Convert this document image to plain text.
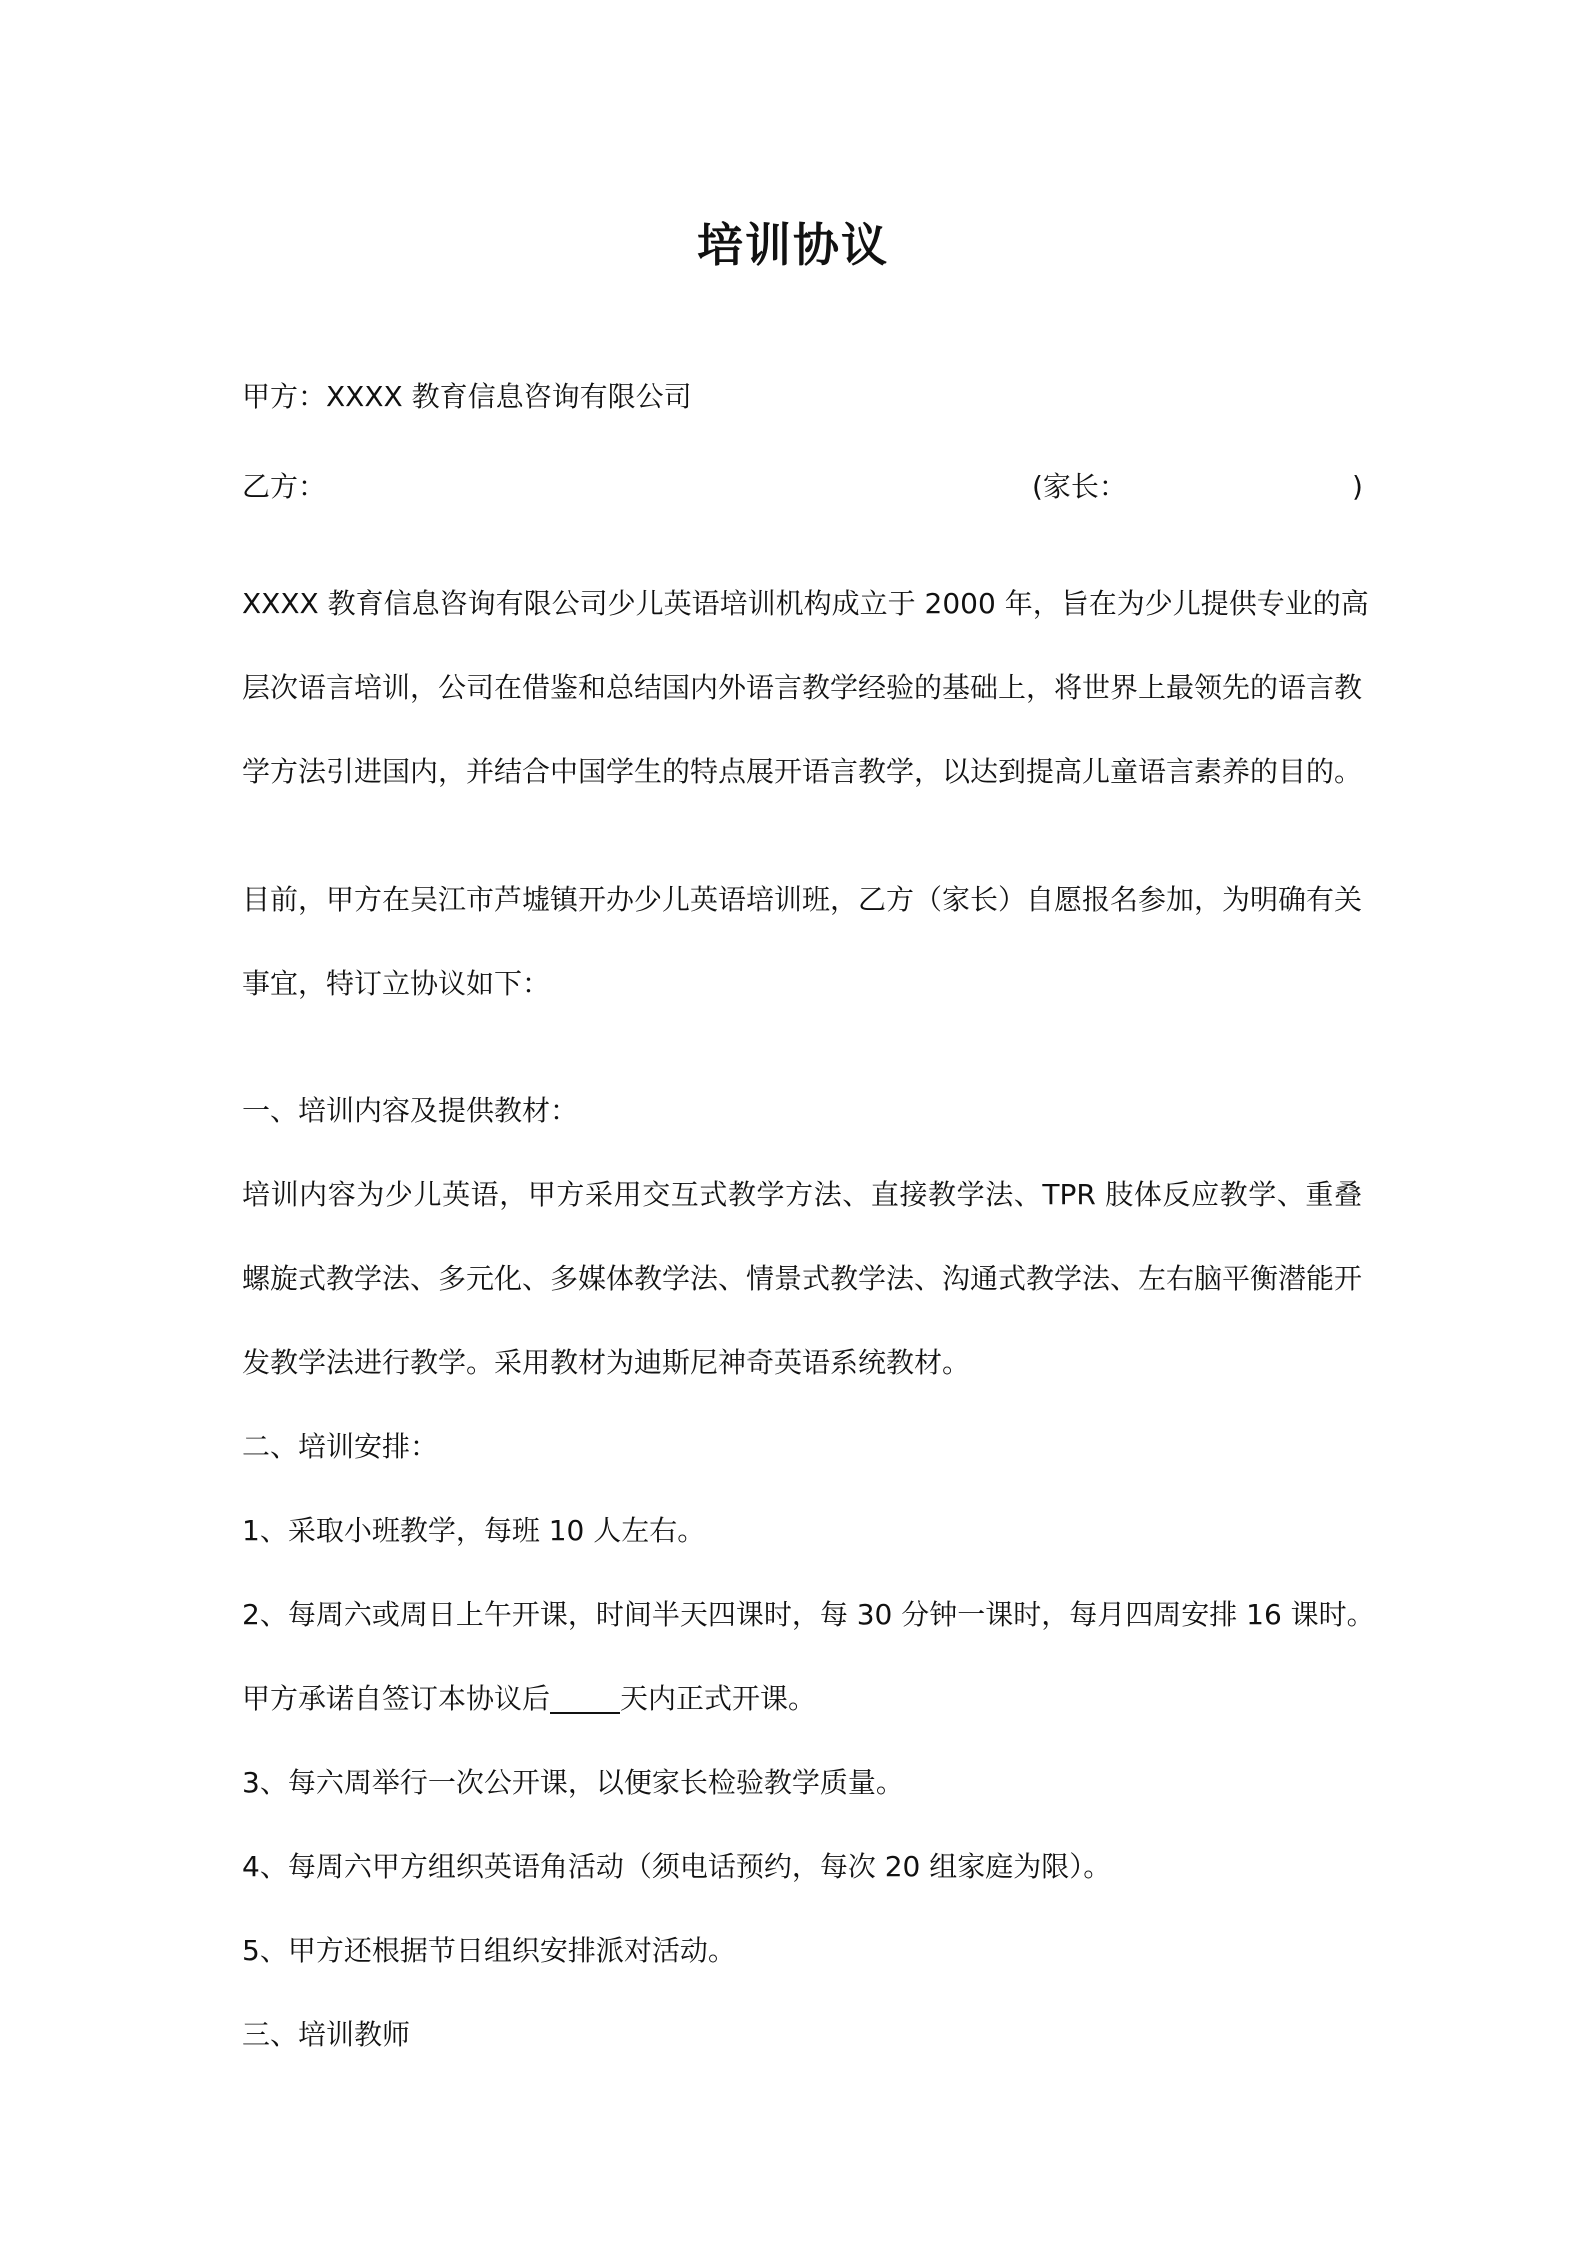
培训协议
甲方：XXXX 教育信息咨询有限公司
乙方：	(家长：	)
XXXX 教育信息咨询有限公司少儿英语培训机构成立于 2000 年，旨在为少儿提供专业的高
层次语言培训，公司在借鉴和总结国内外语言教学经验的基础上，将世界上最领先的语言教
学方法引进国内，并结合中国学生的特点展开语言教学，以达到提高儿童语言素养的目的。
目前，甲方在吴江市芦墟镇开办少儿英语培训班，乙方（家长）自愿报名参加，为明确有关
事宜，特订立协议如下：
一、培训内容及提供教材：
培训内容为少儿英语，甲方采用交互式教学方法、直接教学法、TPR 肢体反应教学、重叠
螺旋式教学法、多元化、多媒体教学法、情景式教学法、沟通式教学法、左右脑平衡潜能开
发教学法进行教学。采用教材为迪斯尼神奇英语系统教材。
二、培训安排：
1、采取小班教学，每班 10 人左右。
2、每周六或周日上午开课，时间半天四课时，每 30 分钟一课时，每月四周安排 16 课时。
甲方承诺自签订本协议后	天内正式开课。
3、每六周举行一次公开课，以便家长检验教学质量。
4、每周六甲方组织英语角活动（须电话预约，每次 20 组家庭为限）。
5、甲方还根据节日组织安排派对活动。
三、培训教师
